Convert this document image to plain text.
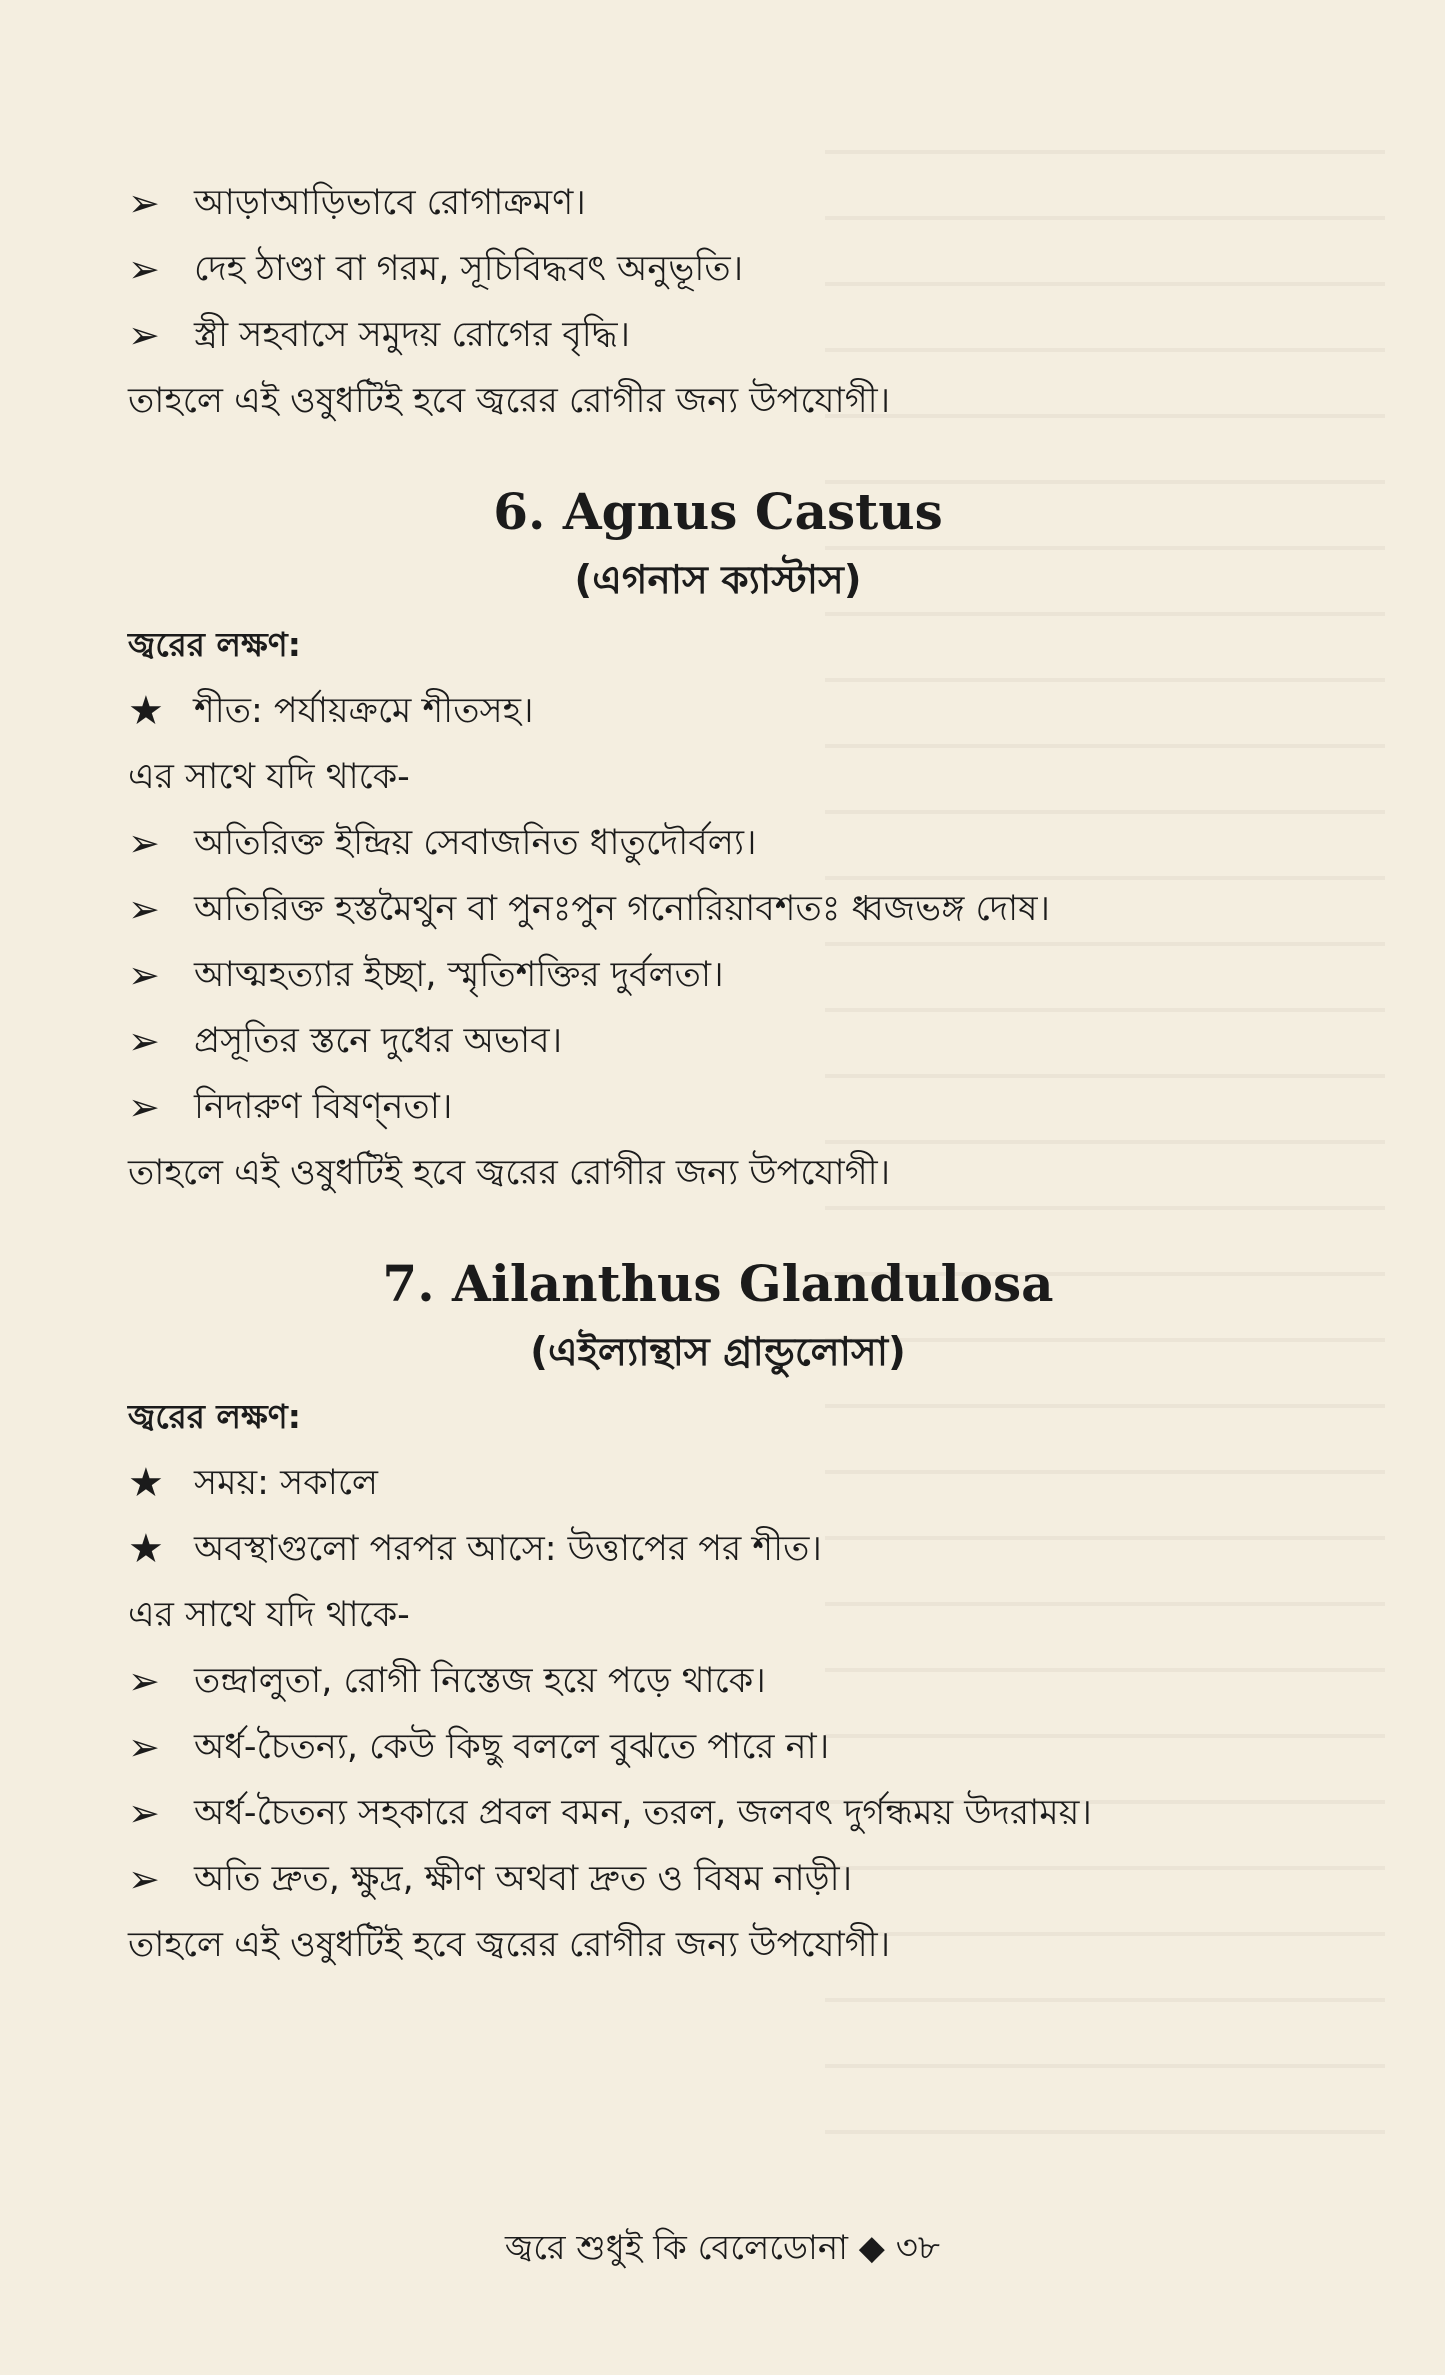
➢ আড়াআড়িভাবে রোগাক্রমণ।
➢ দেহ ঠাণ্ডা বা গরম, সূচিবিদ্ধবৎ অনুভূতি।
➢ স্ত্রী সহবাসে সমুদয় রোগের বৃদ্ধি।
তাহলে এই ওষুধটিই হবে জ্বরের রোগীর জন্য উপযোগী।
6. Agnus Castus
(এগনাস ক্যাস্টাস)
জ্বরের লক্ষণ:
★ শীত: পর্যায়ক্রমে শীতসহ।
এর সাথে যদি থাকে-
➢ অতিরিক্ত ইন্দ্রিয় সেবাজনিত ধাতুদৌর্বল্য।
➢ অতিরিক্ত হস্তমৈথুন বা পুনঃপুন গনোরিয়াবশতঃ ধ্বজভঙ্গ দোষ।
➢ আত্মহত্যার ইচ্ছা, স্মৃতিশক্তির দুর্বলতা।
➢ প্রসূতির স্তনে দুধের অভাব।
➢ নিদারুণ বিষণ্নতা।
তাহলে এই ওষুধটিই হবে জ্বরের রোগীর জন্য উপযোগী।
7. Ailanthus Glandulosa
(এইল্যান্থাস গ্রান্ডুলোসা)
জ্বরের লক্ষণ:
★ সময়: সকালে
★ অবস্থাগুলো পরপর আসে: উত্তাপের পর শীত।
এর সাথে যদি থাকে-
➢ তন্দ্রালুতা, রোগী নিস্তেজ হয়ে পড়ে থাকে।
➢ অর্ধ-চৈতন্য, কেউ কিছু বললে বুঝতে পারে না।
➢ অর্ধ-চৈতন্য সহকারে প্রবল বমন, তরল, জলবৎ দুর্গন্ধময় উদরাময়।
➢ অতি দ্রুত, ক্ষুদ্র, ক্ষীণ অথবা দ্রুত ও বিষম নাড়ী।
তাহলে এই ওষুধটিই হবে জ্বরের রোগীর জন্য উপযোগী।
জ্বরে শুধুই কি বেলেডোনা ◆ ৩৮
